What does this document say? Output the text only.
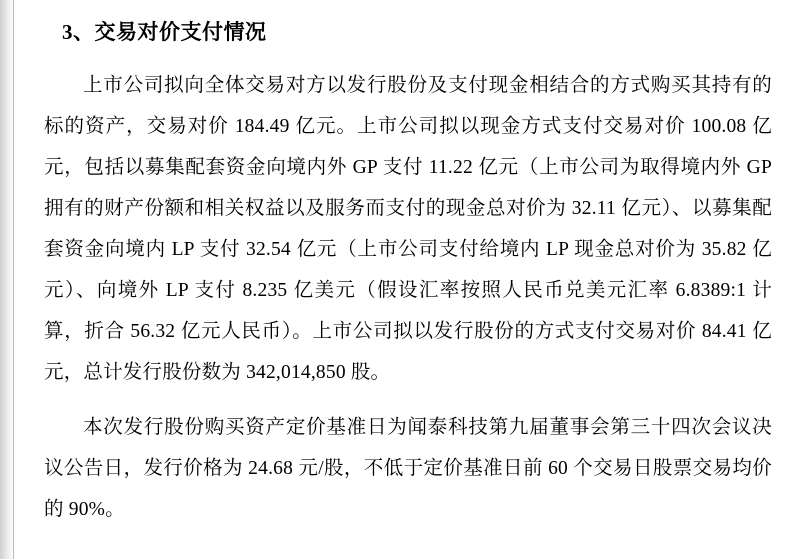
3、交易对价支付情况

上市公司拟向全体交易对方以发行股份及支付现金相结合的方式购买其持有的标的资产，交易对价 184.49 亿元。上市公司拟以现金方式支付交易对价 100.08 亿元，包括以募集配套资金向境内外 GP 支付 11.22 亿元（上市公司为取得境内外 GP 拥有的财产份额和相关权益以及服务而支付的现金总对价为 32.11 亿元）、以募集配套资金向境内 LP 支付 32.54 亿元（上市公司支付给境内 LP 现金总对价为 35.82 亿元）、向境外 LP 支付 8.235 亿美元（假设汇率按照人民币兑美元汇率 6.8389:1 计算，折合 56.32 亿元人民币）。上市公司拟以发行股份的方式支付交易对价 84.41 亿元，总计发行股份数为 342,014,850 股。

本次发行股份购买资产定价基准日为闻泰科技第九届董事会第三十四次会议决议公告日，发行价格为 24.68 元/股，不低于定价基准日前 60 个交易日股票交易均价的 90%。
